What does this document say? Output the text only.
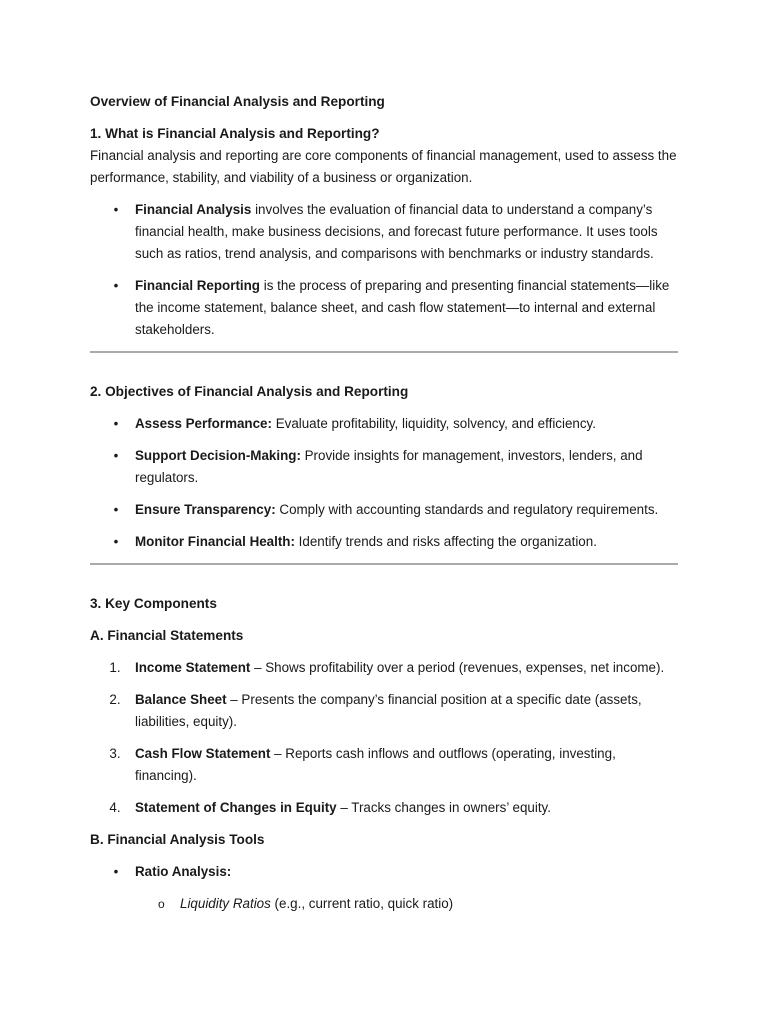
Overview of Financial Analysis and Reporting
1. What is Financial Analysis and Reporting?

Financial analysis and reporting are core components of financial management, used to assess the performance, stability, and viability of a business or organization.

• Financial Analysis involves the evaluation of financial data to understand a company’s financial health, make business decisions, and forecast future performance. It uses tools such as ratios, trend analysis, and comparisons with benchmarks or industry standards.
• Financial Reporting is the process of preparing and presenting financial statements—like the income statement, balance sheet, and cash flow statement—to internal and external stakeholders.
2. Objectives of Financial Analysis and Reporting
• Assess Performance: Evaluate profitability, liquidity, solvency, and efficiency.
• Support Decision-Making: Provide insights for management, investors, lenders, and regulators.
• Ensure Transparency: Comply with accounting standards and regulatory requirements.
• Monitor Financial Health: Identify trends and risks affecting the organization.
3. Key Components
A. Financial Statements
1.	Income Statement – Shows profitability over a period (revenues, expenses, net income).
2.	Balance Sheet – Presents the company’s financial position at a specific date (assets, liabilities, equity).
3.	Cash Flow Statement – Reports cash inflows and outflows (operating, investing, financing).
4.	Statement of Changes in Equity – Tracks changes in owners’ equity.
B. Financial Analysis Tools
• Ratio Analysis:
o Liquidity Ratios (e.g., current ratio, quick ratio)
